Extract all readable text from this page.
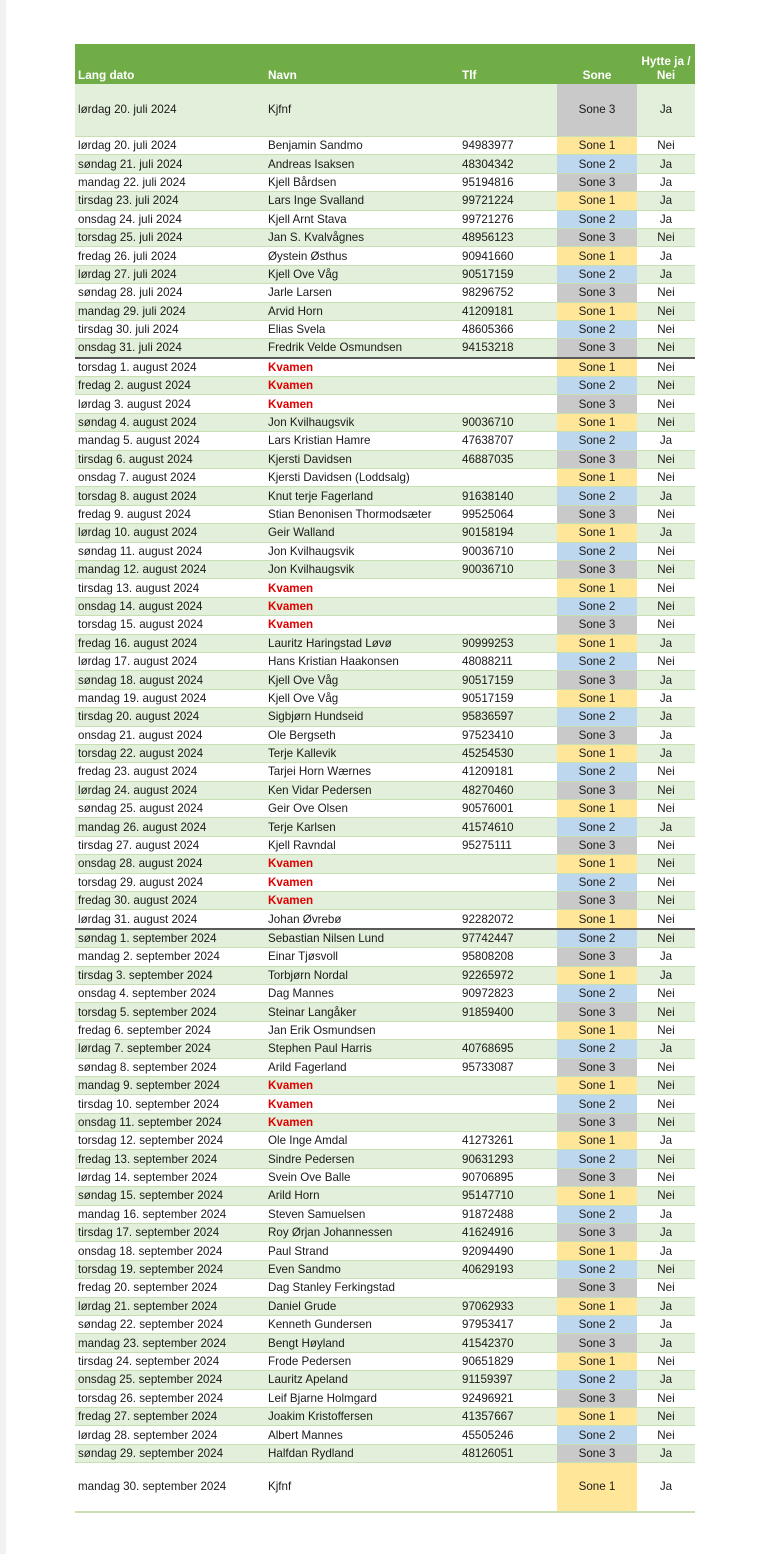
Lang dato	Navn	Tlf	Sone	Hytte ja / Nei
lørdag 20. juli 2024	Kjfnf		Sone 3	Ja
lørdag 20. juli 2024	Benjamin Sandmo	94983977	Sone 1	Nei
søndag 21. juli 2024	Andreas Isaksen	48304342	Sone 2	Ja
mandag 22. juli 2024	Kjell Bårdsen	95194816	Sone 3	Ja
tirsdag 23. juli 2024	Lars Inge Svalland	99721224	Sone 1	Ja
onsdag 24. juli 2024	Kjell Arnt Stava	99721276	Sone 2	Ja
torsdag 25. juli 2024	Jan S. Kvalvågnes	48956123	Sone 3	Nei
fredag 26. juli 2024	Øystein Østhus	90941660	Sone 1	Ja
lørdag 27. juli 2024	Kjell Ove Våg	90517159	Sone 2	Ja
søndag 28. juli 2024	Jarle Larsen	98296752	Sone 3	Nei
mandag 29. juli 2024	Arvid Horn	41209181	Sone 1	Nei
tirsdag 30. juli 2024	Elias Svela	48605366	Sone 2	Nei
onsdag 31. juli 2024	Fredrik Velde Osmundsen	94153218	Sone 3	Nei
torsdag 1. august 2024	Kvamen		Sone 1	Nei
fredag 2. august 2024	Kvamen		Sone 2	Nei
lørdag 3. august 2024	Kvamen		Sone 3	Nei
søndag 4. august 2024	Jon Kvilhaugsvik	90036710	Sone 1	Nei
mandag 5. august 2024	Lars Kristian Hamre	47638707	Sone 2	Ja
tirsdag 6. august 2024	Kjersti Davidsen	46887035	Sone 3	Nei
onsdag 7. august 2024	Kjersti Davidsen (Loddsalg)		Sone 1	Nei
torsdag 8. august 2024	Knut terje Fagerland	91638140	Sone 2	Ja
fredag 9. august 2024	Stian Benonisen Thormodsæter	99525064	Sone 3	Nei
lørdag 10. august 2024	Geir Walland	90158194	Sone 1	Ja
søndag 11. august 2024	Jon Kvilhaugsvik	90036710	Sone 2	Nei
mandag 12. august 2024	Jon Kvilhaugsvik	90036710	Sone 3	Nei
tirsdag 13. august 2024	Kvamen		Sone 1	Nei
onsdag 14. august 2024	Kvamen		Sone 2	Nei
torsdag 15. august 2024	Kvamen		Sone 3	Nei
fredag 16. august 2024	Lauritz Haringstad Løvø	90999253	Sone 1	Ja
lørdag 17. august 2024	Hans Kristian Haakonsen	48088211	Sone 2	Nei
søndag 18. august 2024	Kjell Ove Våg	90517159	Sone 3	Ja
mandag 19. august 2024	Kjell Ove Våg	90517159	Sone 1	Ja
tirsdag 20. august 2024	Sigbjørn Hundseid	95836597	Sone 2	Ja
onsdag 21. august 2024	Ole Bergseth	97523410	Sone 3	Ja
torsdag 22. august 2024	Terje Kallevik	45254530	Sone 1	Ja
fredag 23. august 2024	Tarjei Horn Wærnes	41209181	Sone 2	Nei
lørdag 24. august 2024	Ken Vidar Pedersen	48270460	Sone 3	Nei
søndag 25. august 2024	Geir Ove Olsen	90576001	Sone 1	Nei
mandag 26. august 2024	Terje Karlsen	41574610	Sone 2	Ja
tirsdag 27. august 2024	Kjell Ravndal	95275111	Sone 3	Nei
onsdag 28. august 2024	Kvamen		Sone 1	Nei
torsdag 29. august 2024	Kvamen		Sone 2	Nei
fredag 30. august 2024	Kvamen		Sone 3	Nei
lørdag 31. august 2024	Johan Øvrebø	92282072	Sone 1	Nei
søndag 1. september 2024	Sebastian Nilsen Lund	97742447	Sone 2	Nei
mandag 2. september 2024	Einar Tjøsvoll	95808208	Sone 3	Ja
tirsdag 3. september 2024	Torbjørn Nordal	92265972	Sone 1	Ja
onsdag 4. september 2024	Dag Mannes	90972823	Sone 2	Nei
torsdag 5. september 2024	Steinar Langåker	91859400	Sone 3	Nei
fredag 6. september 2024	Jan Erik Osmundsen		Sone 1	Nei
lørdag 7. september 2024	Stephen Paul Harris	40768695	Sone 2	Ja
søndag 8. september 2024	Arild Fagerland	95733087	Sone 3	Nei
mandag 9. september 2024	Kvamen		Sone 1	Nei
tirsdag 10. september 2024	Kvamen		Sone 2	Nei
onsdag 11. september 2024	Kvamen		Sone 3	Nei
torsdag 12. september 2024	Ole Inge Amdal	41273261	Sone 1	Ja
fredag 13. september 2024	Sindre Pedersen	90631293	Sone 2	Nei
lørdag 14. september 2024	Svein Ove Balle	90706895	Sone 3	Nei
søndag 15. september 2024	Arild Horn	95147710	Sone 1	Nei
mandag 16. september 2024	Steven Samuelsen	91872488	Sone 2	Ja
tirsdag 17. september 2024	Roy Ørjan Johannessen	41624916	Sone 3	Ja
onsdag 18. september 2024	Paul Strand	92094490	Sone 1	Ja
torsdag 19. september 2024	Even Sandmo	40629193	Sone 2	Nei
fredag 20. september 2024	Dag Stanley Ferkingstad		Sone 3	Nei
lørdag 21. september 2024	Daniel Grude	97062933	Sone 1	Ja
søndag 22. september 2024	Kenneth Gundersen	97953417	Sone 2	Ja
mandag 23. september 2024	Bengt Høyland	41542370	Sone 3	Ja
tirsdag 24. september 2024	Frode Pedersen	90651829	Sone 1	Nei
onsdag 25. september 2024	Lauritz Apeland	91159397	Sone 2	Ja
torsdag 26. september 2024	Leif Bjarne Holmgard	92496921	Sone 3	Nei
fredag 27. september 2024	Joakim Kristoffersen	41357667	Sone 1	Nei
lørdag 28. september 2024	Albert Mannes	45505246	Sone 2	Nei
søndag 29. september 2024	Halfdan Rydland	48126051	Sone 3	Ja
mandag 30. september 2024	Kjfnf		Sone 1	Ja
